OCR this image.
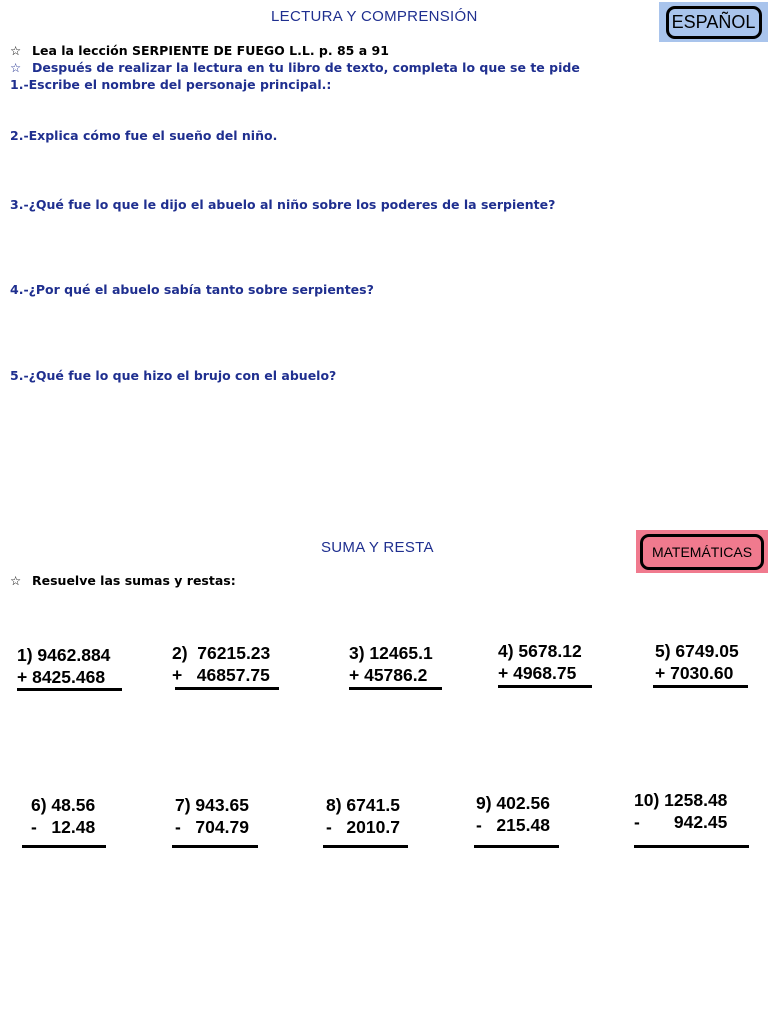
LECTURA Y COMPRENSIÓN	ESPAÑOL
☆ Lea la lección SERPIENTE DE FUEGO L.L. p. 85 a 91
☆ Después de realizar la lectura en tu libro de texto, completa lo que se te pide
1.-Escribe el nombre del personaje principal.:
2.-Explica cómo fue el sueño del niño.
3.-¿Qué fue lo que le dijo el abuelo al niño sobre los poderes de la serpiente?
4.-¿Por qué el abuelo sabía tanto sobre serpientes?
5.-¿Qué fue lo que hizo el brujo con el abuelo?
SUMA Y RESTA	MATEMÁTICAS
☆ Resuelve las sumas y restas:
1) 9462.884
+ 8425.468
2)  76215.23
+   46857.75
3) 12465.1
+ 45786.2
4) 5678.12
+ 4968.75
5) 6749.05
+ 7030.60
6) 48.56
-   12.48
7) 943.65
-   704.79
8) 6741.5
-   2010.7
9) 402.56
-   215.48
10) 1258.48
-       942.45
